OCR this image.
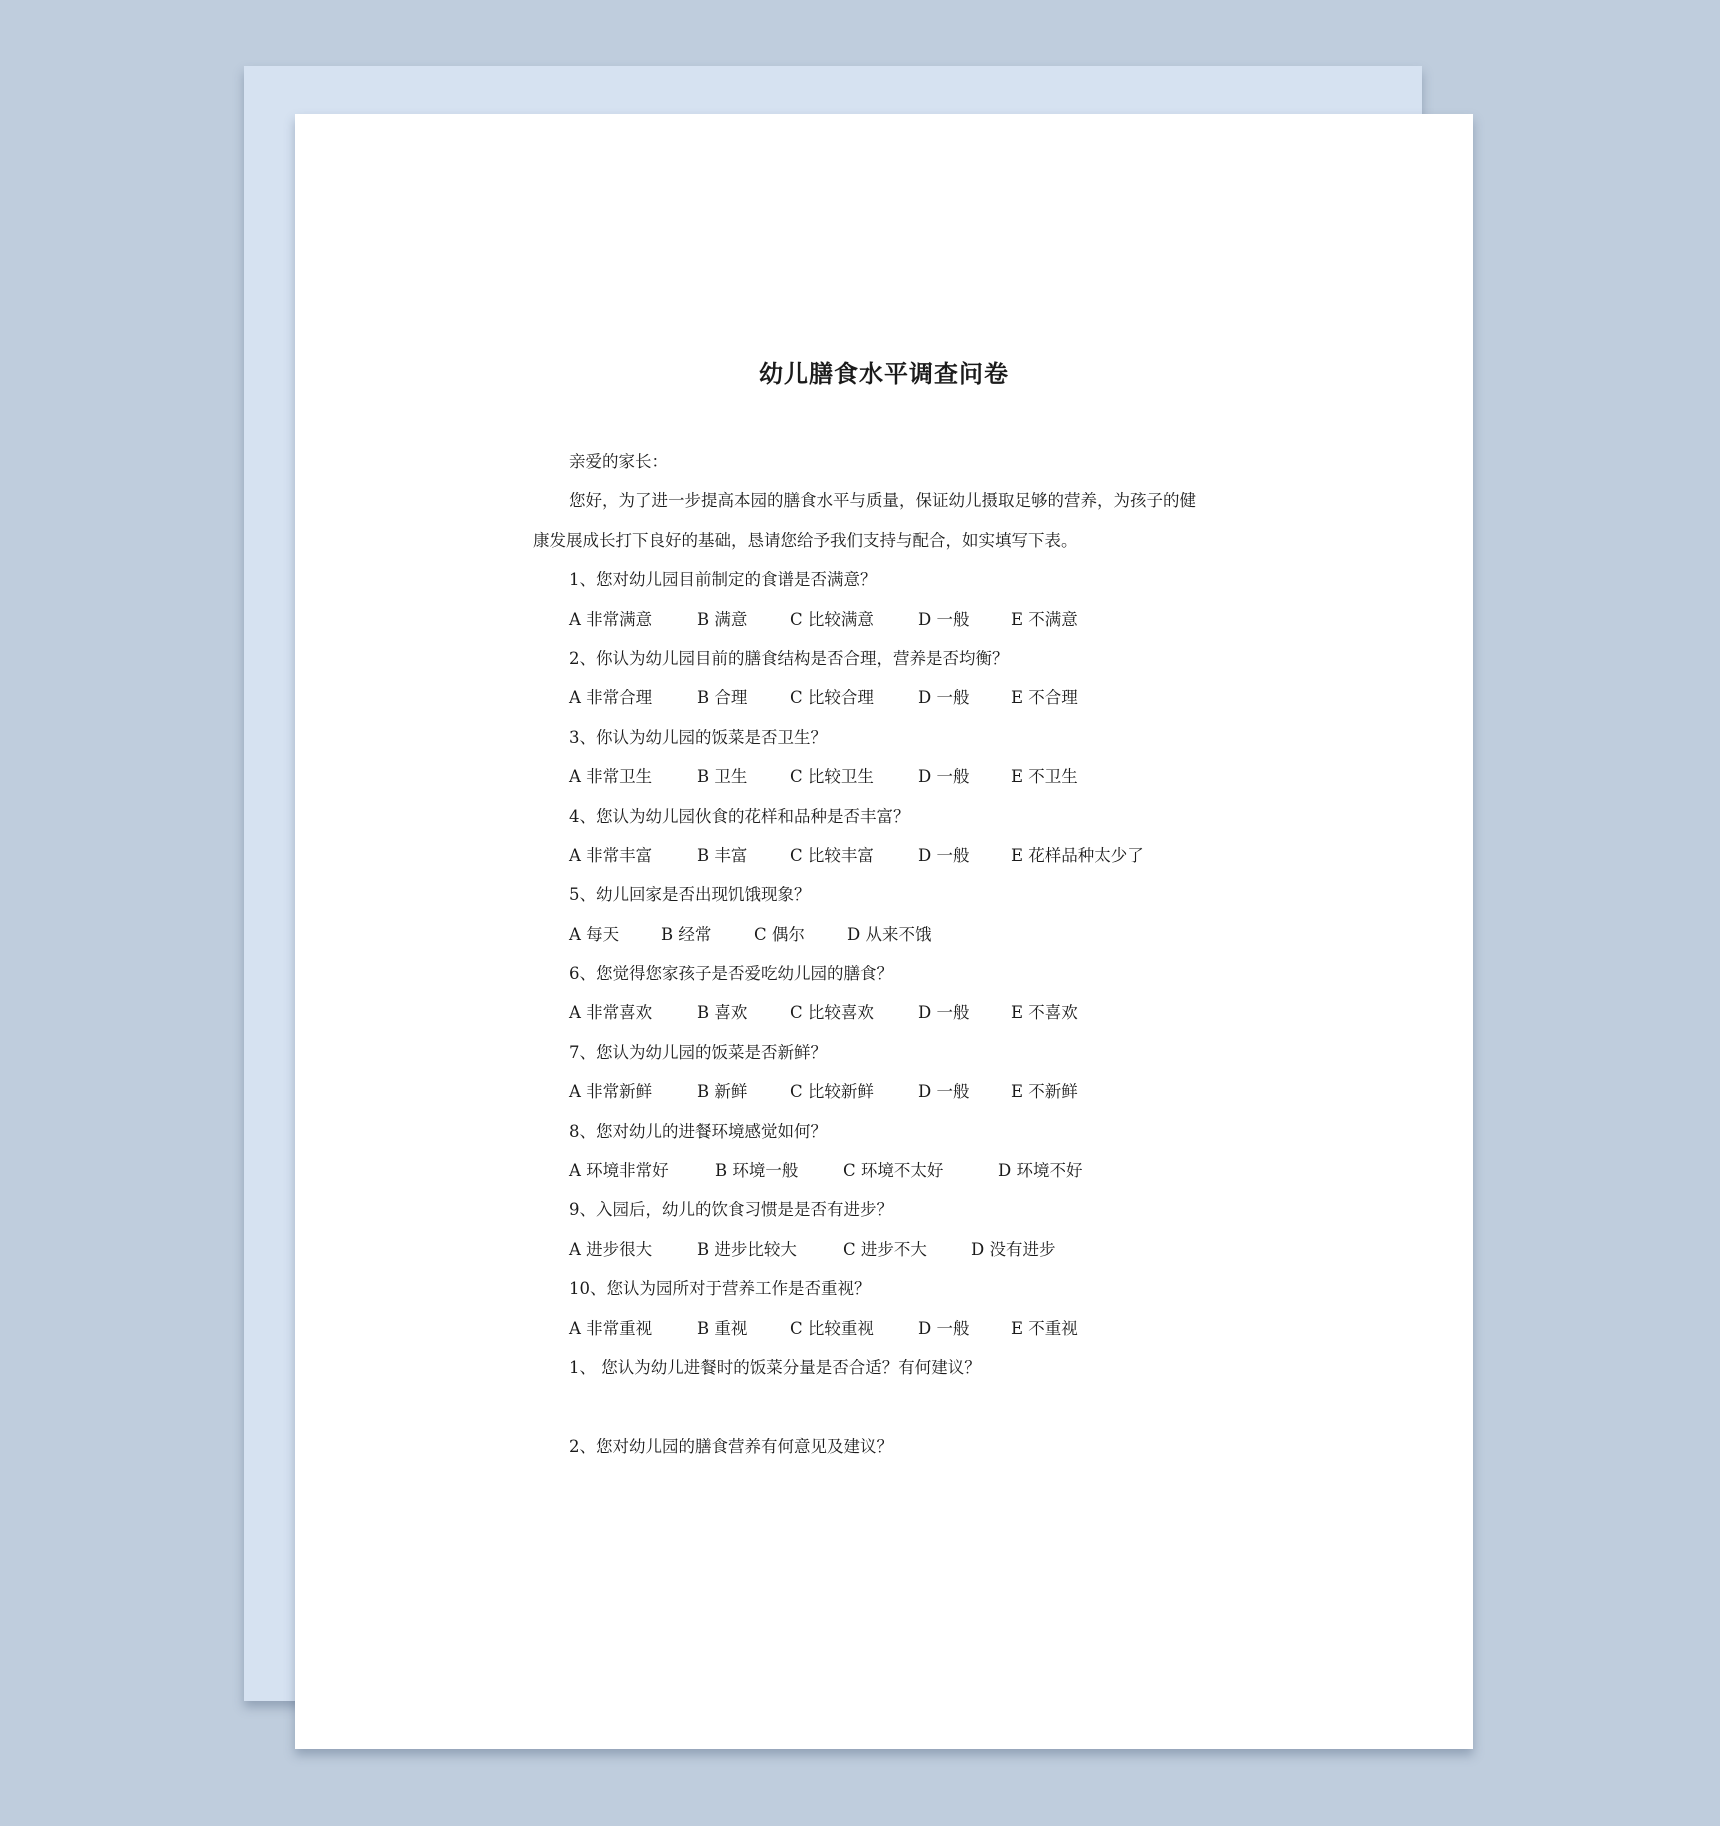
幼儿膳食水平调查问卷
亲爱的家长：
您好，为了进一步提高本园的膳食水平与质量，保证幼儿摄取足够的营养，为孩子的健
康发展成长打下良好的基础，恳请您给予我们支持与配合，如实填写下表。
1、您对幼儿园目前制定的食谱是否满意？
A 非常满意	B 满意	C 比较满意	D 一般	E 不满意
2、你认为幼儿园目前的膳食结构是否合理，营养是否均衡？
A 非常合理	B 合理	C 比较合理	D 一般	E 不合理
3、你认为幼儿园的饭菜是否卫生？
A 非常卫生	B 卫生	C 比较卫生	D 一般	E 不卫生
4、您认为幼儿园伙食的花样和品种是否丰富？
A 非常丰富	B 丰富	C 比较丰富	D 一般	E 花样品种太少了
5、幼儿回家是否出现饥饿现象？
A 每天	B 经常	C 偶尔	D 从来不饿
6、您觉得您家孩子是否爱吃幼儿园的膳食？
A 非常喜欢	B 喜欢	C 比较喜欢	D 一般	E 不喜欢
7、您认为幼儿园的饭菜是否新鲜？
A 非常新鲜	B 新鲜	C 比较新鲜	D 一般	E 不新鲜
8、您对幼儿的进餐环境感觉如何？
A 环境非常好	B 环境一般	C 环境不太好	D 环境不好
9、入园后，幼儿的饮食习惯是是否有进步？
A 进步很大	B 进步比较大	C 进步不大	D 没有进步
10、您认为园所对于营养工作是否重视？
A 非常重视	B 重视	C 比较重视	D 一般	E 不重视
1、 您认为幼儿进餐时的饭菜分量是否合适？有何建议？
2、您对幼儿园的膳食营养有何意见及建议？
